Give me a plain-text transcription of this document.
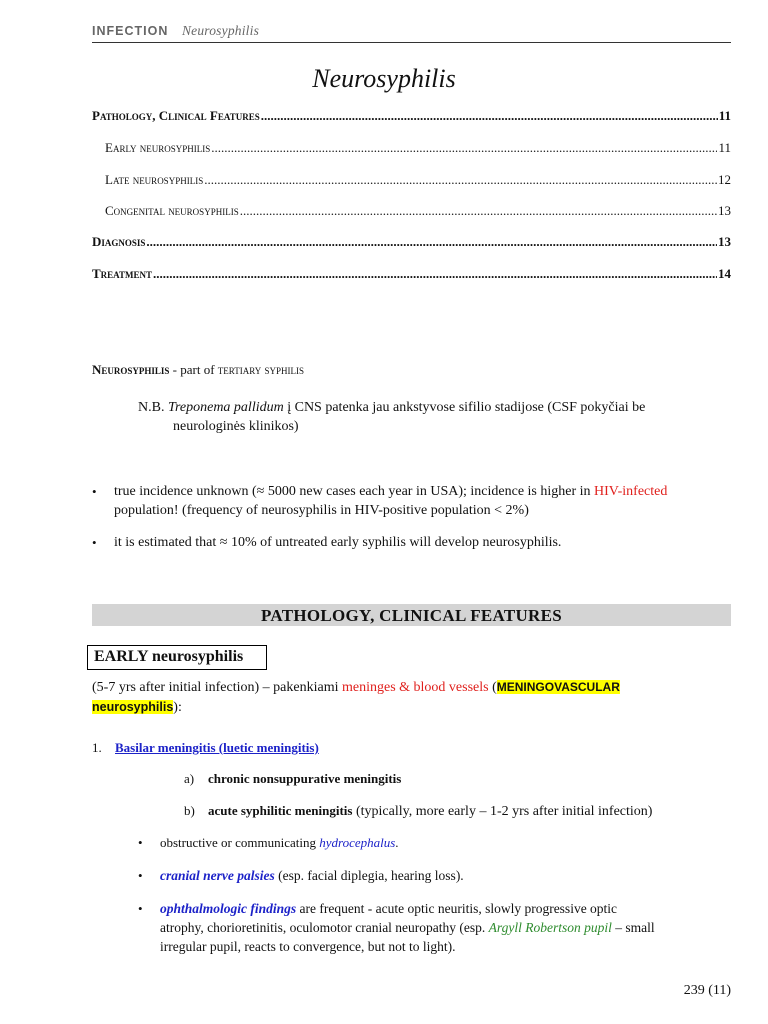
INFECTION Neurosyphilis
Neurosyphilis
Pathology, Clinical Features .....	11
Early neurosyphilis .....	11
Late neurosyphilis .....	12
Congenital neurosyphilis .....	13
Diagnosis .....	13
Treatment .....	14
Neurosyphilis - part of tertiary syphilis
N.B. Treponema pallidum į CNS patenka jau ankstyvose sifilio stadijose (CSF pokyčiai be
neurologinės klinikos)
• true incidence unknown (≈ 5000 new cases each year in USA); incidence is higher in HIV-infected
population! (frequency of neurosyphilis in HIV-positive population < 2%)
• it is estimated that ≈ 10% of untreated early syphilis will develop neurosyphilis.
PATHOLOGY, CLINICAL FEATURES
EARLY neurosyphilis
(5-7 yrs after initial infection) – pakenkiami meninges & blood vessels (MENINGOVASCULAR
neurosyphilis):
1. Basilar meningitis (luetic meningitis)
a) chronic nonsuppurative meningitis
b) acute syphilitic meningitis (typically, more early – 1-2 yrs after initial infection)
• obstructive or communicating hydrocephalus.
• cranial nerve palsies (esp. facial diplegia, hearing loss).
• ophthalmologic findings are frequent - acute optic neuritis, slowly progressive optic
atrophy, chorioretinitis, oculomotor cranial neuropathy (esp. Argyll Robertson pupil – small
irregular pupil, reacts to convergence, but not to light).
239 (11)
